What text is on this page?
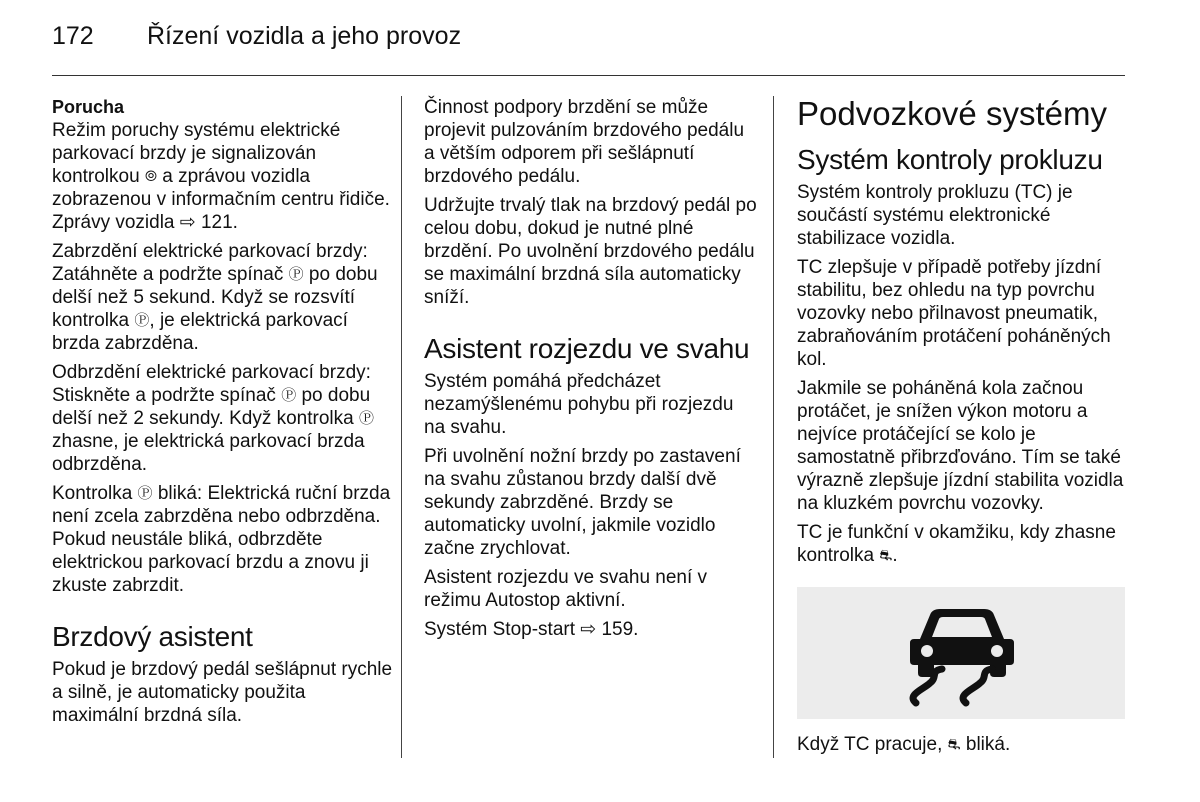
172 Řízení vozidla a jeho provoz

Porucha
Režim poruchy systému elektrické parkovací brzdy je signalizován kontrolkou ⦾ a zprávou vozidla zobrazenou v informačním centru řidiče. Zprávy vozidla ⇨ 121.

Zabrzdění elektrické parkovací brzdy: Zatáhněte a podržte spínač Ⓟ po dobu delší než 5 sekund. Když se rozsvítí kontrolka Ⓟ, je elektrická parkovací brzda zabrzděna.

Odbrzdění elektrické parkovací brzdy: Stiskněte a podržte spínač Ⓟ po dobu delší než 2 sekundy. Když kontrolka Ⓟ zhasne, je elektrická parkovací brzda odbrzděna.

Kontrolka Ⓟ bliká: Elektrická ruční brzda není zcela zabrzděna nebo odbrzděna. Pokud neustále bliká, odbrzděte elektrickou parkovací brzdu a znovu ji zkuste zabrzdit.

Brzdový asistent

Pokud je brzdový pedál sešlápnut rychle a silně, je automaticky použita maximální brzdná síla.

Činnost podpory brzdění se může projevit pulzováním brzdového pedálu a větším odporem při sešlápnutí brzdového pedálu.

Udržujte trvalý tlak na brzdový pedál po celou dobu, dokud je nutné plné brzdění. Po uvolnění brzdového pedálu se maximální brzdná síla automaticky sníží.

Asistent rozjezdu ve svahu

Systém pomáhá předcházet nezamýšlenému pohybu při rozjezdu na svahu.

Při uvolnění nožní brzdy po zastavení na svahu zůstanou brzdy další dvě sekundy zabrzděné. Brzdy se automaticky uvolní, jakmile vozidlo začne zrychlovat.

Asistent rozjezdu ve svahu není v režimu Autostop aktivní.

Systém Stop-start ⇨ 159.

Podvozkové systémy
Systém kontroly prokluzu

Systém kontroly prokluzu (TC) je součástí systému elektronické stabilizace vozidla.

TC zlepšuje v případě potřeby jízdní stabilitu, bez ohledu na typ povrchu vozovky nebo přilnavost pneumatik, zabraňováním protáčení poháněných kol.

Jakmile se poháněná kola začnou protáčet, je snížen výkon motoru a nejvíce protáčející se kolo je samostatně přibrzďováno. Tím se také výrazně zlepšuje jízdní stabilita vozidla na kluzkém povrchu vozovky.

TC je funkční v okamžiku, kdy zhasne kontrolka ⛐.

Když TC pracuje, ⛐ bliká.
